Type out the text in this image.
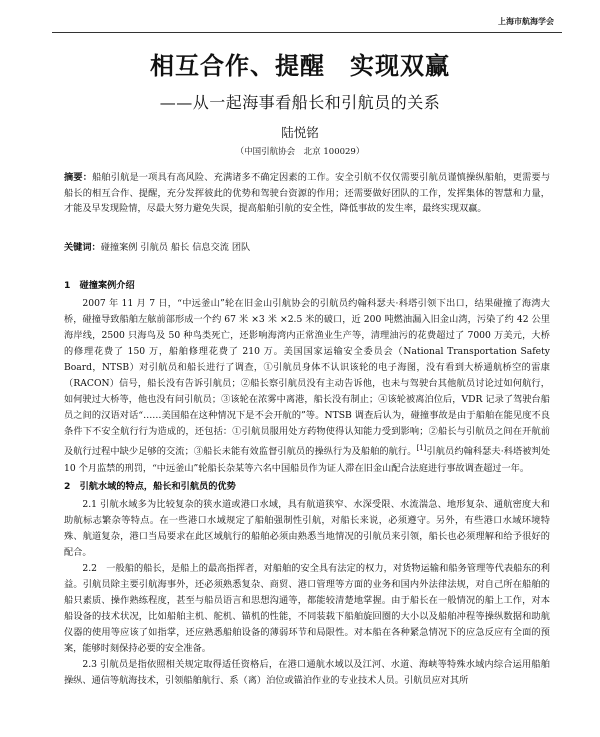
上海市航海学会
相互合作、提醒　实现双赢
——从一起海事看船长和引航员的关系
陆悦铭
（中国引航协会　北京 100029）
摘要：船舶引航是一项具有高风险、充满诸多不确定因素的工作。安全引航不仅仅需要引航员谨慎操纵船舶，更需要与船长的相互合作、提醒，充分发挥彼此的优势和驾驶台资源的作用；还需要做好团队的工作，发挥集体的智慧和力量，才能及早发现险情，尽最大努力避免失误，提高船舶引航的安全性，降低事故的发生率，最终实现双赢。
关键词：碰撞案例 引航员 船长 信息交流 团队
1　碰撞案例介绍

2007 年 11 月 7 日，“中远釜山”轮在旧金山引航协会的引航员约翰科瑟夫·科塔引领下出口，结果碰撞了海湾大桥，碰撞导致船舶左舷前部形成一个约 67 米 ×3 米 ×2.5 米的破口，近 200 吨燃油漏入旧金山湾，污染了约 42 公里海岸线，2500 只海鸟及 50 种鸟类死亡，还影响海湾内正常渔业生产等，清理油污的花费超过了 7000 万美元，大桥的修理花费了 150 万，船舶修理花费了 210 万。美国国家运输安全委员会（National Transportation Safety Board，NTSB）对引航员和船长进行了调查，①引航员身体不认识该轮的电子海图，没有看到大桥通航桥空的雷康（RACON）信号，船长没有告诉引航员；②船长察引航员没有主动告诉他，也未与驾驶台其他航员讨论过如何航行，如何驶过大桥等，他也没有问引航员；③该轮在浓雾中离港，船长没有制止；④该轮被离泊位后，VDR 记录了驾驶台船员之间的汉语对话“……美国船在这种情况下是不会开航的”等。NTSB 调查后认为，碰撞事故是由于船舶在能见度不良条件下不安全航行行为造成的，还包括：①引航员服用处方药物使得认知能力受到影响；②船长与引航员之间在开航前及航行过程中缺少足够的交流；③船长未能有效监督引航员的操纵行为及船舶的航行。[1]引航员约翰科瑟夫·科塔被判处 10 个月监禁的刑罚，“中远釜山”轮船长杂某等六名中国船员作为证人滞在旧金山配合法庭进行事故调查超过一年。

2　引航水域的特点，船长和引航员的优势

2.1 引航水域多为比较复杂的狭水道或港口水域，具有航道狭窄、水深受限、水流湍急、地形复杂、通航密度大和助航标志繁杂等特点。在一些港口水域规定了船舶强制性引航，对船长来说，必须遵守。另外，有些港口水域环境特殊、航道复杂，港口当局要求在此区域航行的船舶必须由熟悉当地情况的引航员来引领，船长也必须理解和给予很好的配合。

2.2　一般船的船长，是船上的最高指挥者，对船舶的安全具有法定的权力，对货物运输和船务管理等代表船东的利益。引航员除主要引航海事外，还必须熟悉复杂、商贸、港口管理等方面的业务和国内外法律法规，对自己所在船舶的船只素质、操作熟练程度，甚至与船员语言和思想沟通等，都能较清楚地掌握。由于船长在一般情况的船上工作，对本船设备的技术状况，比如船舶主机、舵机、锚机的性能，不同装载下船舶旋回圈的大小以及船舶冲程等操纵数据和助航仪器的使用等应该了如指掌，还应熟悉船舶设备的薄弱环节和局限性。对本船在各种紧急情况下的应急反应有全面的预案，能够时刻保持必要的安全准备。

2.3 引航员是指依照相关规定取得适任资格后，在港口通航水域以及江河、水道、海峡等特殊水域内综合运用船舶操纵、通信等航海技术，引领船舶航行、系（离）泊位或锚泊作业的专业技术人员。引航员应对其所
